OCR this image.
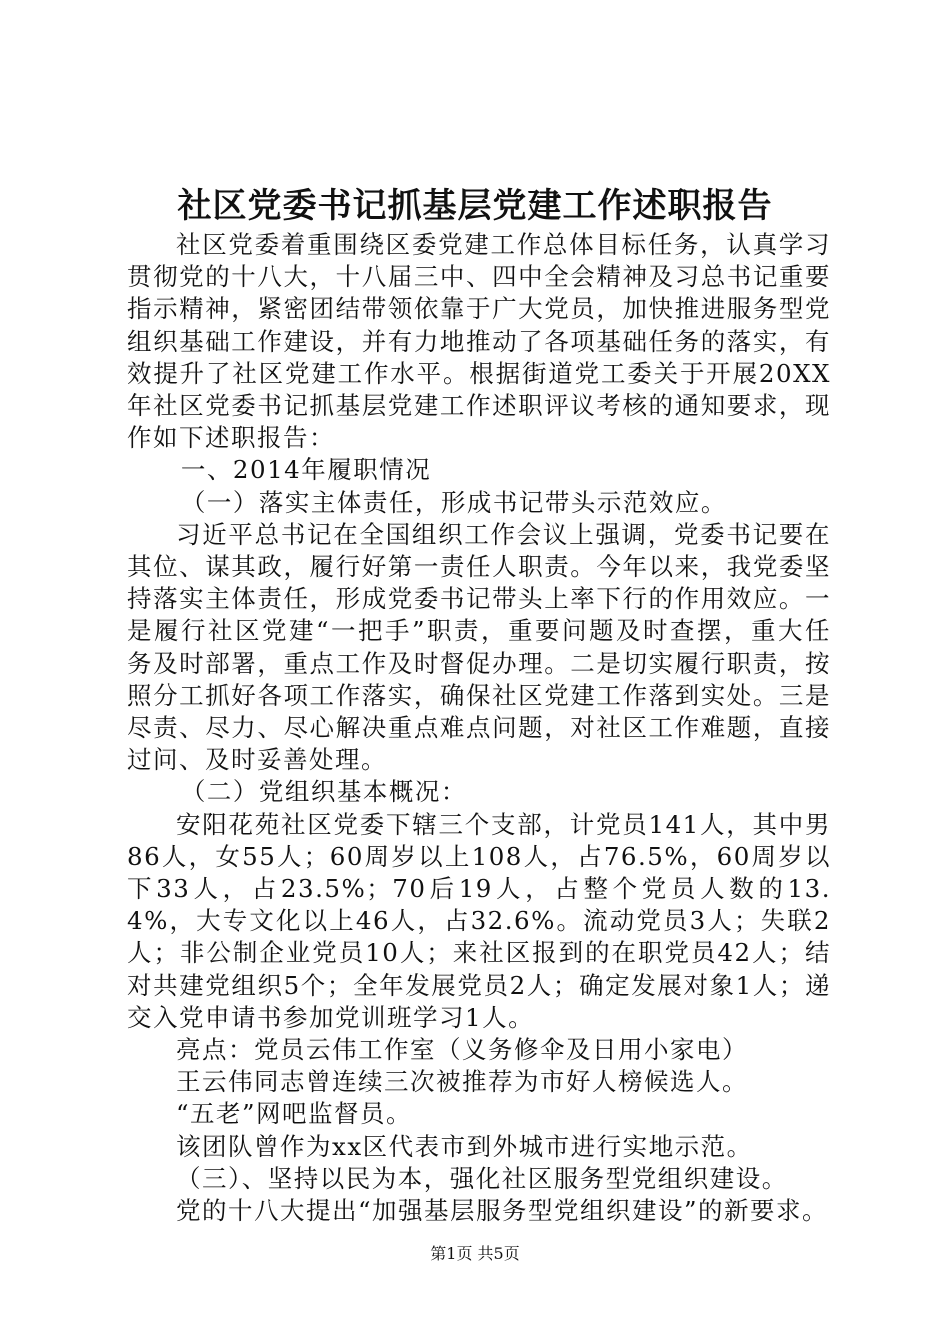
社区党委书记抓基层党建工作述职报告

社区党委着重围绕区委党建工作总体目标任务，认真学习贯彻党的十八大，十八届三中、四中全会精神及习总书记重要指示精神，紧密团结带领依靠于广大党员，加快推进服务型党组织基础工作建设，并有力地推动了各项基础任务的落实，有效提升了社区党建工作水平。根据街道党工委关于开展20XX年社区党委书记抓基层党建工作述职评议考核的通知要求，现作如下述职报告：

一、2014年履职情况

（一）落实主体责任，形成书记带头示范效应。

习近平总书记在全国组织工作会议上强调，党委书记要在其位、谋其政，履行好第一责任人职责。今年以来，我党委坚持落实主体责任，形成党委书记带头上率下行的作用效应。一是履行社区党建“一把手”职责，重要问题及时查摆，重大任务及时部署，重点工作及时督促办理。二是切实履行职责，按照分工抓好各项工作落实，确保社区党建工作落到实处。三是尽责、尽力、尽心解决重点难点问题，对社区工作难题，直接过问、及时妥善处理。

（二）党组织基本概况：

安阳花苑社区党委下辖三个支部，计党员141人，其中男86人，女55人；60周岁以上108人，占76.5%，60周岁以下33人，占23.5%；70后19人，占整个党员人数的13.4%，大专文化以上46人，占32.6%。流动党员3人；失联2人；非公制企业党员10人；来社区报到的在职党员42人；结对共建党组织5个；全年发展党员2人；确定发展对象1人；递交入党申请书参加党训班学习1人。

亮点：党员云伟工作室（义务修伞及日用小家电）

王云伟同志曾连续三次被推荐为市好人榜候选人。

“五老”网吧监督员。

该团队曾作为xx区代表市到外城市进行实地示范。

（三）、坚持以民为本，强化社区服务型党组织建设。

党的十八大提出“加强基层服务型党组织建设”的新要求。

第1页 共5页
